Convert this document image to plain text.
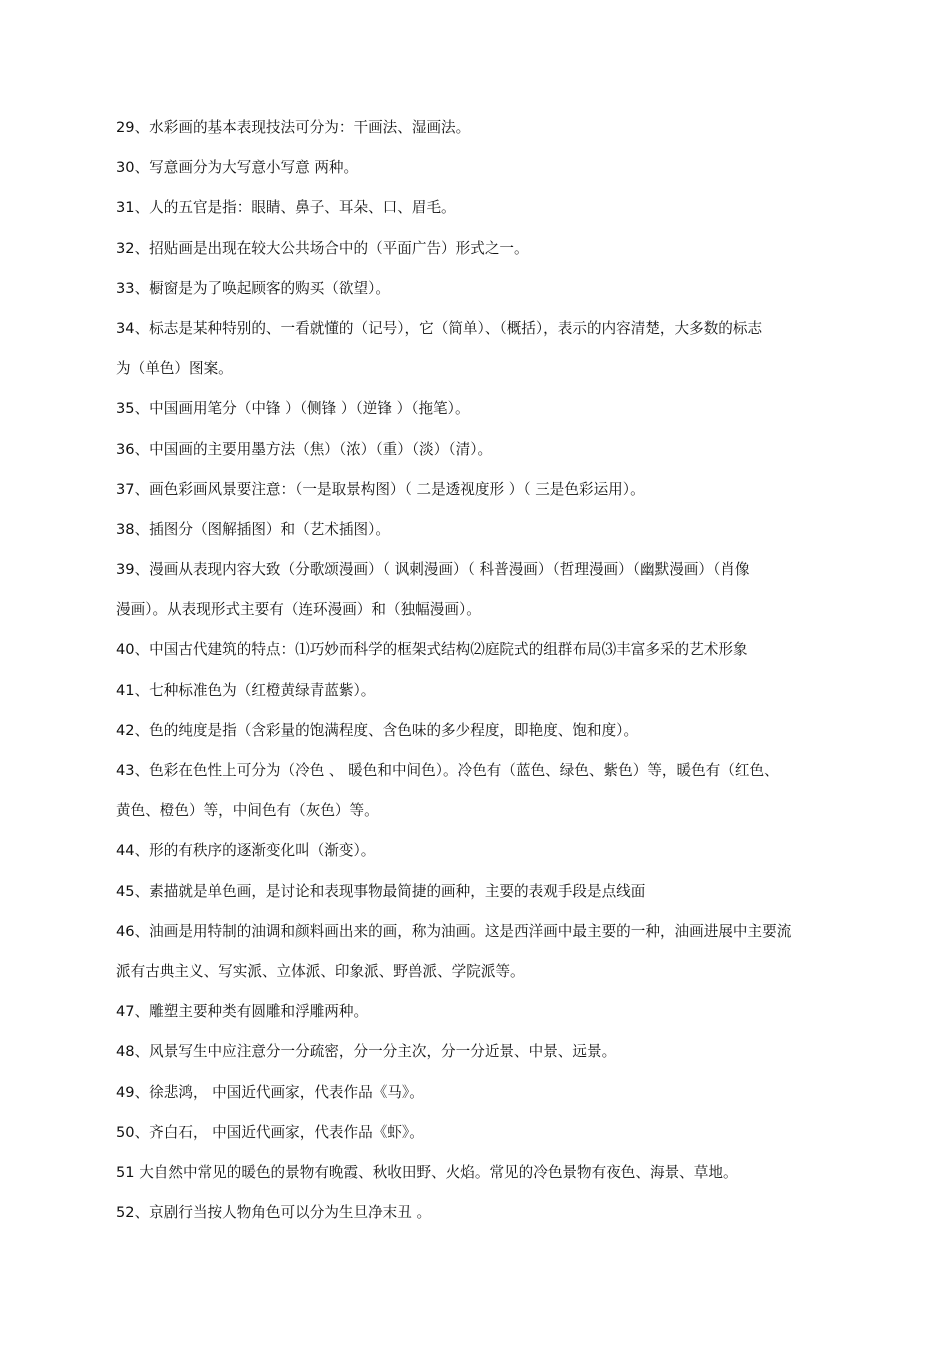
29、水彩画的基本表现技法可分为：干画法、湿画法。
30、写意画分为大写意小写意 两种。
31、人的五官是指：眼睛、鼻子、耳朵、口、眉毛。
32、招贴画是出现在较大公共场合中的（平面广告）形式之一。
33、橱窗是为了唤起顾客的购买（欲望）。
34、标志是某种特别的、一看就懂的（记号），它（简单）、（概括），表示的内容清楚，大多数的标志
为（单色）图案。
35、中国画用笔分（中锋 ）（侧锋 ）（逆锋 ）（拖笔）。
36、中国画的主要用墨方法（焦）（浓）（重）（淡）（清）。
37、画色彩画风景要注意：（一是取景构图）（ 二是透视度形 ）（ 三是色彩运用）。
38、插图分（图解插图）和（艺术插图）。
39、漫画从表现内容大致（分歌颂漫画）（ 讽刺漫画）（ 科普漫画）（哲理漫画）（幽默漫画）（肖像
漫画）。从表现形式主要有（连环漫画）和（独幅漫画）。
40、中国古代建筑的特点：⑴巧妙而科学的框架式结构⑵庭院式的组群布局⑶丰富多采的艺术形象
41、七种标准色为（红橙黄绿青蓝紫）。
42、色的纯度是指（含彩量的饱满程度、含色味的多少程度，即艳度、饱和度）。
43、色彩在色性上可分为（冷色 、 暖色和中间色）。冷色有（蓝色、绿色、紫色）等，暖色有（红色、
黄色、橙色）等，中间色有（灰色）等。
44、形的有秩序的逐渐变化叫（渐变）。
45、素描就是单色画，是讨论和表现事物最简捷的画种，主要的表观手段是点线面
46、油画是用特制的油调和颜料画出来的画，称为油画。这是西洋画中最主要的一种，油画进展中主要流
派有古典主义、写实派、立体派、印象派、野兽派、学院派等。
47、雕塑主要种类有圆雕和浮雕两种。
48、风景写生中应注意分一分疏密，分一分主次，分一分近景、中景、远景。
49、徐悲鸿， 中国近代画家，代表作品《马》。
50、齐白石， 中国近代画家，代表作品《虾》。
51 大自然中常见的暖色的景物有晚霞、秋收田野、火焰。常见的冷色景物有夜色、海景、草地。
52、京剧行当按人物角色可以分为生旦净末丑 。
